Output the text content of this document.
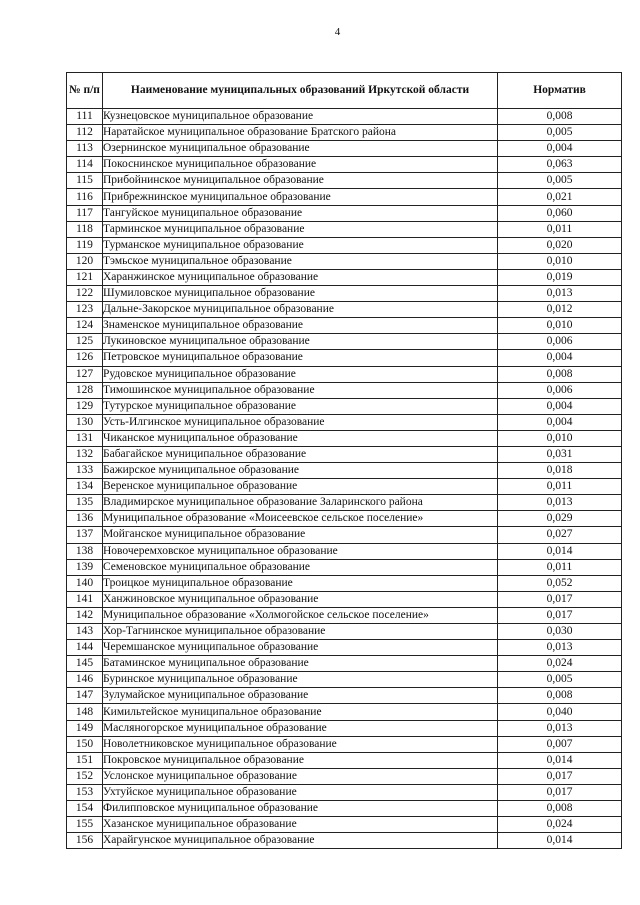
4
№ п/п	Наименование муниципальных образований Иркутской области	Норматив
111	Кузнецовское муниципальное образование	0,008
112	Наратайское муниципальное образование Братского района	0,005
113	Озернинское муниципальное образование	0,004
114	Покоснинское муниципальное образование	0,063
115	Прибойнинское муниципальное образование	0,005
116	Прибрежнинское муниципальное образование	0,021
117	Тангуйское муниципальное образование	0,060
118	Тарминское муниципальное образование	0,011
119	Турманское муниципальное образование	0,020
120	Тэмьское муниципальное образование	0,010
121	Харанжинское муниципальное образование	0,019
122	Шумиловское муниципальное образование	0,013
123	Дальне-Закорское муниципальное образование	0,012
124	Знаменское муниципальное образование	0,010
125	Лукиновское муниципальное образование	0,006
126	Петровское муниципальное образование	0,004
127	Рудовское муниципальное образование	0,008
128	Тимошинское муниципальное образование	0,006
129	Тутурское муниципальное образование	0,004
130	Усть-Илгинское муниципальное образование	0,004
131	Чиканское муниципальное образование	0,010
132	Бабагайское муниципальное образование	0,031
133	Бажирское муниципальное образование	0,018
134	Веренское муниципальное образование	0,011
135	Владимирское муниципальное образование Заларинского района	0,013
136	Муниципальное образование «Моисеевское сельское поселение»	0,029
137	Мойганское муниципальное образование	0,027
138	Новочеремховское муниципальное образование	0,014
139	Семеновское муниципальное образование	0,011
140	Троицкое муниципальное образование	0,052
141	Ханжиновское муниципальное образование	0,017
142	Муниципальное образование «Холмогойское сельское поселение»	0,017
143	Хор-Тагнинское муниципальное образование	0,030
144	Черемшанское муниципальное образование	0,013
145	Батаминское муниципальное образование	0,024
146	Буринское муниципальное образование	0,005
147	Зулумайское муниципальное образование	0,008
148	Кимильтейское муниципальное образование	0,040
149	Масляногорское муниципальное образование	0,013
150	Новолетниковское муниципальное образование	0,007
151	Покровское муниципальное образование	0,014
152	Услонское муниципальное образование	0,017
153	Ухтуйское муниципальное образование	0,017
154	Филипповское муниципальное образование	0,008
155	Хазанское муниципальное образование	0,024
156	Харайгунское муниципальное образование	0,014
